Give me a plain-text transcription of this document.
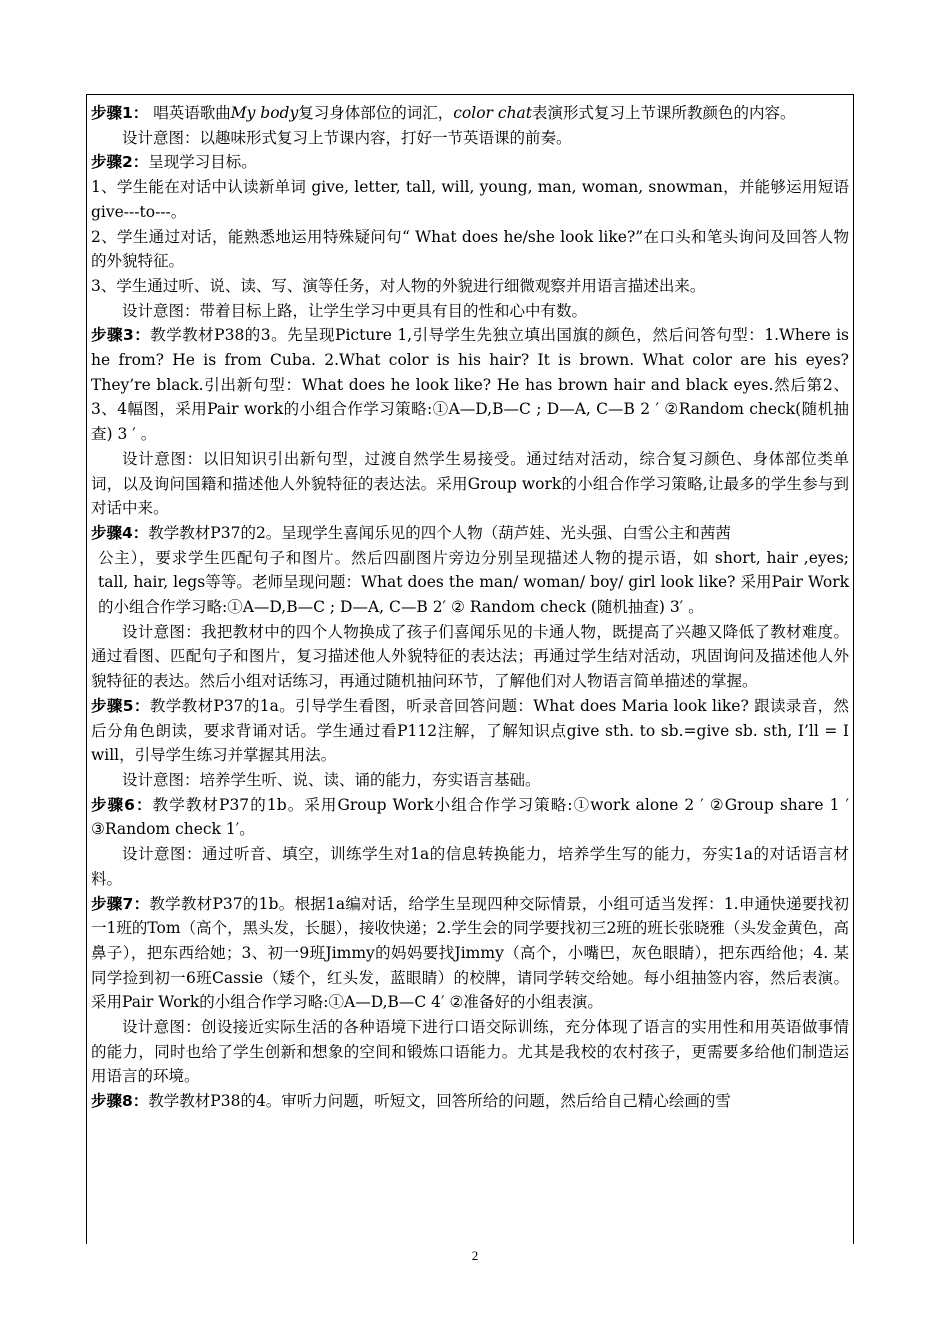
步骤1： 唱英语歌曲My body复习身体部位的词汇，color chat表演形式复习上节课所教颜色的内容。

设计意图：以趣味形式复习上节课内容，打好一节英语课的前奏。

步骤2：呈现学习目标。

1、学生能在对话中认读新单词 give, letter, tall, will, young, man, woman, snowman，并能够运用短语give---to---。

2、学生通过对话，能熟悉地运用特殊疑问句“ What does he/she look like?”在口头和笔头询问及回答人物的外貌特征。

3、学生通过听、说、读、写、演等任务，对人物的外貌进行细微观察并用语言描述出来。

设计意图：带着目标上路，让学生学习中更具有目的性和心中有数。

步骤3：教学教材P38的3。先呈现Picture 1,引导学生先独立填出国旗的颜色，然后问答句型：1.Where is he from? He is from Cuba. 2.What color is his hair? It is brown. What color are his eyes? They’re black.引出新句型：What does he look like? He has brown hair and black eyes.然后第2、3、4幅图，采用Pair work的小组合作学习策略:①A—D,B—C ; D—A, C—B 2 ′ ②Random check(随机抽查) 3 ′ 。

设计意图：以旧知识引出新句型，过渡自然学生易接受。通过结对活动，综合复习颜色、身体部位类单词，以及询问国籍和描述他人外貌特征的表达法。采用Group work的小组合作学习策略,让最多的学生参与到对话中来。

步骤4：教学教材P37的2。呈现学生喜闻乐见的四个人物（葫芦娃、光头强、白雪公主和茜茜

公主），要求学生匹配句子和图片。然后四副图片旁边分别呈现描述人物的提示语，如 short, hair ,eyes; tall, hair, legs等等。老师呈现问题：What does the man/ woman/ boy/ girl look like? 采用Pair Work的小组合作学习略:①A—D,B—C ; D—A, C—B 2′ ② Random check (随机抽查) 3′ 。

设计意图：我把教材中的四个人物换成了孩子们喜闻乐见的卡通人物，既提高了兴趣又降低了教材难度。通过看图、匹配句子和图片，复习描述他人外貌特征的表达法；再通过学生结对活动，巩固询问及描述他人外貌特征的表达。然后小组对话练习，再通过随机抽问环节，了解他们对人物语言简单描述的掌握。

步骤5：教学教材P37的1a。引导学生看图，听录音回答问题：What does Maria look like? 跟读录音，然后分角色朗读，要求背诵对话。学生通过看P112注解，了解知识点give sth. to sb.=give sb. sth, I’ll = I will，引导学生练习并掌握其用法。

设计意图：培养学生听、说、读、诵的能力，夯实语言基础。

步骤6：教学教材P37的1b。采用Group Work小组合作学习策略:①work alone 2 ′ ②Group share 1 ′ ③Random check 1′。

设计意图：通过听音、填空，训练学生对1a的信息转换能力，培养学生写的能力，夯实1a的对话语言材料。

步骤7：教学教材P37的1b。根据1a编对话，给学生呈现四种交际情景，小组可适当发挥：1.申通快递要找初一1班的Tom（高个，黑头发，长腿），接收快递；2.学生会的同学要找初三2班的班长张晓雅（头发金黄色，高鼻子），把东西给她；3、初一9班Jimmy的妈妈要找Jimmy（高个，小嘴巴，灰色眼睛），把东西给他；4. 某同学捡到初一6班Cassie（矮个，红头发，蓝眼睛）的校牌，请同学转交给她。每小组抽签内容，然后表演。采用Pair Work的小组合作学习略:①A—D,B—C 4′ ②准备好的小组表演。

设计意图：创设接近实际生活的各种语境下进行口语交际训练，充分体现了语言的实用性和用英语做事情的能力，同时也给了学生创新和想象的空间和锻炼口语能力。尤其是我校的农村孩子，更需要多给他们制造运用语言的环境。

步骤8：教学教材P38的4。审听力问题，听短文，回答所给的问题，然后给自己精心绘画的雪

2
